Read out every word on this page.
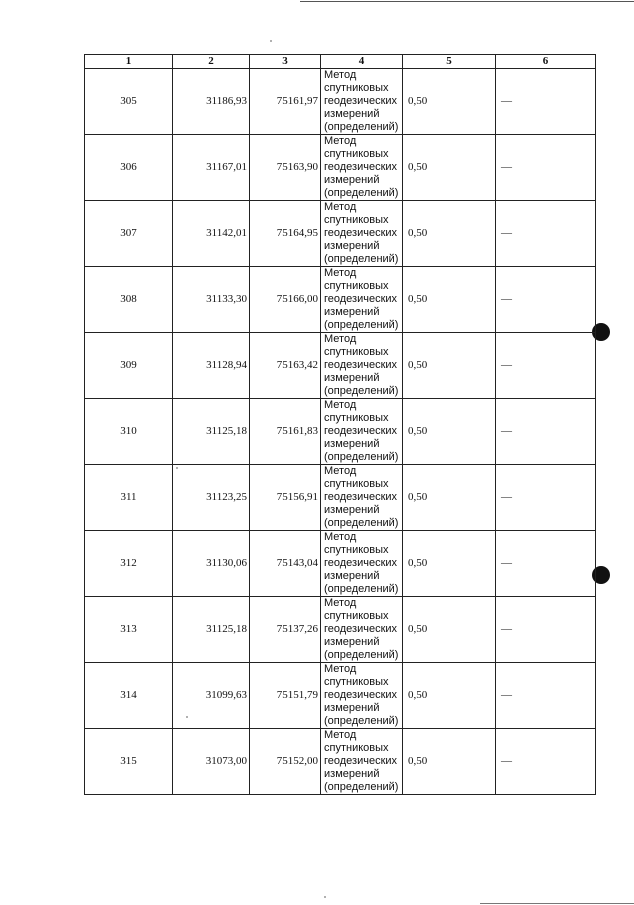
1	2	3	4	5	6
305	31186,93	75161,97	Метод
спутниковых
геодезических
измерений
(определений)	0,50	—
306	31167,01	75163,90	Метод
спутниковых
геодезических
измерений
(определений)	0,50	—
307	31142,01	75164,95	Метод
спутниковых
геодезических
измерений
(определений)	0,50	—
308	31133,30	75166,00	Метод
спутниковых
геодезических
измерений
(определений)	0,50	—
309	31128,94	75163,42	Метод
спутниковых
геодезических
измерений
(определений)	0,50	—
310	31125,18	75161,83	Метод
спутниковых
геодезических
измерений
(определений)	0,50	—
311	31123,25	75156,91	Метод
спутниковых
геодезических
измерений
(определений)	0,50	—
312	31130,06	75143,04	Метод
спутниковых
геодезических
измерений
(определений)	0,50	—
313	31125,18	75137,26	Метод
спутниковых
геодезических
измерений
(определений)	0,50	—
314	31099,63	75151,79	Метод
спутниковых
геодезических
измерений
(определений)	0,50	—
315	31073,00	75152,00	Метод
спутниковых
геодезических
измерений
(определений)	0,50	—
